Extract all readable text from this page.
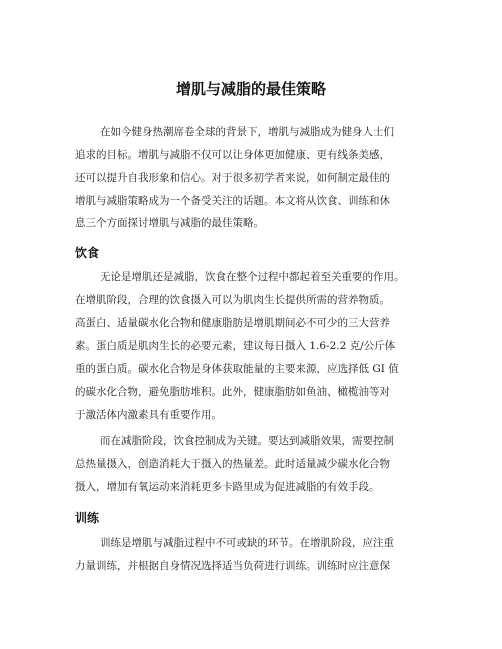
增肌与减脂的最佳策略

在如今健身热潮席卷全球的背景下，增肌与减脂成为健身人士们

追求的目标。增肌与减脂不仅可以让身体更加健康、更有线条美感，

还可以提升自我形象和信心。对于很多初学者来说，如何制定最佳的

增肌与减脂策略成为一个备受关注的话题。本文将从饮食、训练和休

息三个方面探讨增肌与减脂的最佳策略。

饮食

无论是增肌还是减脂，饮食在整个过程中都起着至关重要的作用。

在增肌阶段，合理的饮食摄入可以为肌肉生长提供所需的营养物质。

高蛋白、适量碳水化合物和健康脂肪是增肌期间必不可少的三大营养

素。蛋白质是肌肉生长的必要元素，建议每日摄入 1.6-2.2 克/公斤体

重的蛋白质。碳水化合物是身体获取能量的主要来源，应选择低 GI 值

的碳水化合物，避免脂肪堆积。此外，健康脂肪如鱼油、橄榄油等对

于激活体内激素具有重要作用。

而在减脂阶段，饮食控制成为关键。要达到减脂效果，需要控制

总热量摄入，创造消耗大于摄入的热量差。此时适量减少碳水化合物

摄入，增加有氧运动来消耗更多卡路里成为促进减脂的有效手段。

训练

训练是增肌与减脂过程中不可或缺的环节。在增肌阶段，应注重

力量训练，并根据自身情况选择适当负荷进行训练。训练时应注意保
